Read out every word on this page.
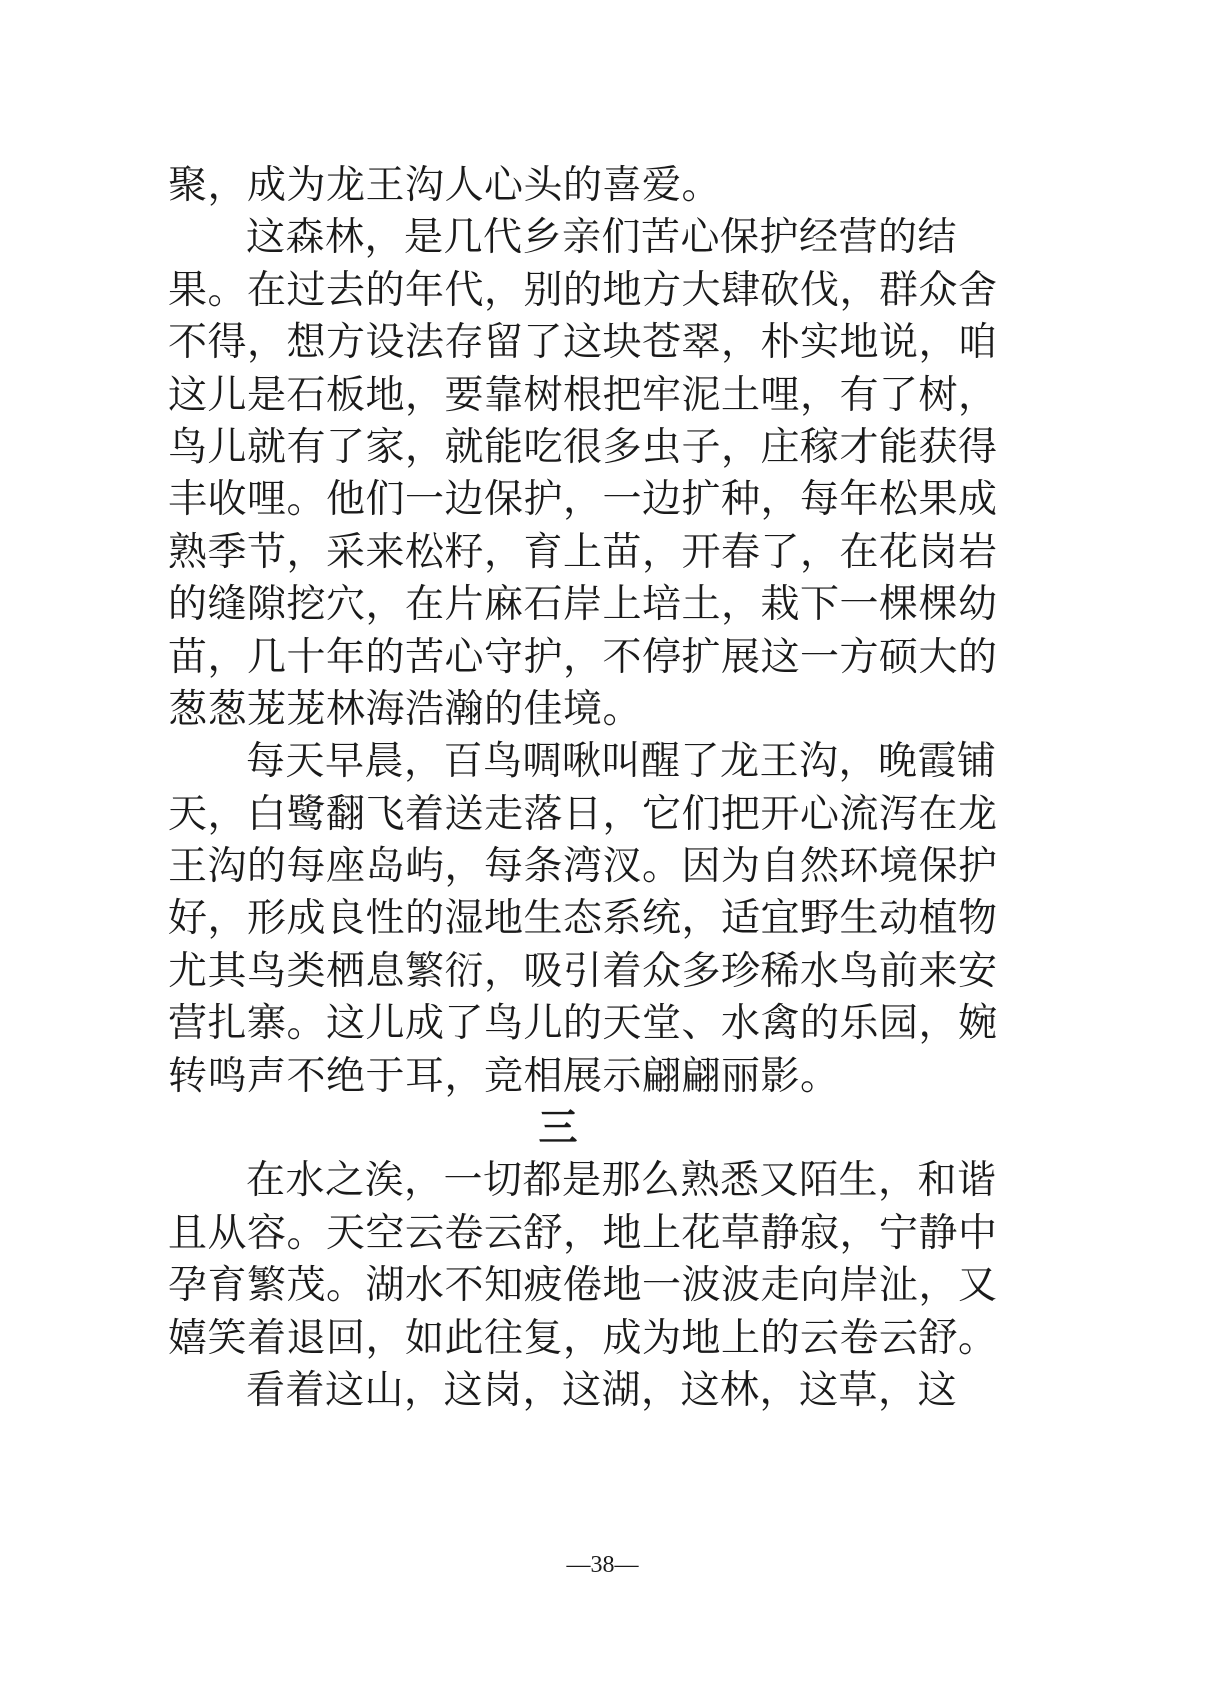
聚，成为龙王沟人心头的喜爱。
这森林，是几代乡亲们苦心保护经营的结
果。在过去的年代，别的地方大肆砍伐，群众舍
不得，想方设法存留了这块苍翠，朴实地说，咱
这儿是石板地，要靠树根把牢泥土哩，有了树，
鸟儿就有了家，就能吃很多虫子，庄稼才能获得
丰收哩。他们一边保护，一边扩种，每年松果成
熟季节，采来松籽，育上苗，开春了，在花岗岩
的缝隙挖穴，在片麻石岸上培土，栽下一棵棵幼
苗，几十年的苦心守护，不停扩展这一方硕大的
葱葱茏茏林海浩瀚的佳境。
每天早晨，百鸟啁啾叫醒了龙王沟，晚霞铺
天，白鹭翻飞着送走落日，它们把开心流泻在龙
王沟的每座岛屿，每条湾汊。因为自然环境保护
好，形成良性的湿地生态系统，适宜野生动植物
尤其鸟类栖息繁衍，吸引着众多珍稀水鸟前来安
营扎寨。这儿成了鸟儿的天堂、水禽的乐园，婉
转鸣声不绝于耳，竞相展示翩翩丽影。
三
在水之涘，一切都是那么熟悉又陌生，和谐
且从容。天空云卷云舒，地上花草静寂，宁静中
孕育繁茂。湖水不知疲倦地一波波走向岸沚，又
嬉笑着退回，如此往复，成为地上的云卷云舒。
看着这山，这岗，这湖，这林，这草，这
—38—
